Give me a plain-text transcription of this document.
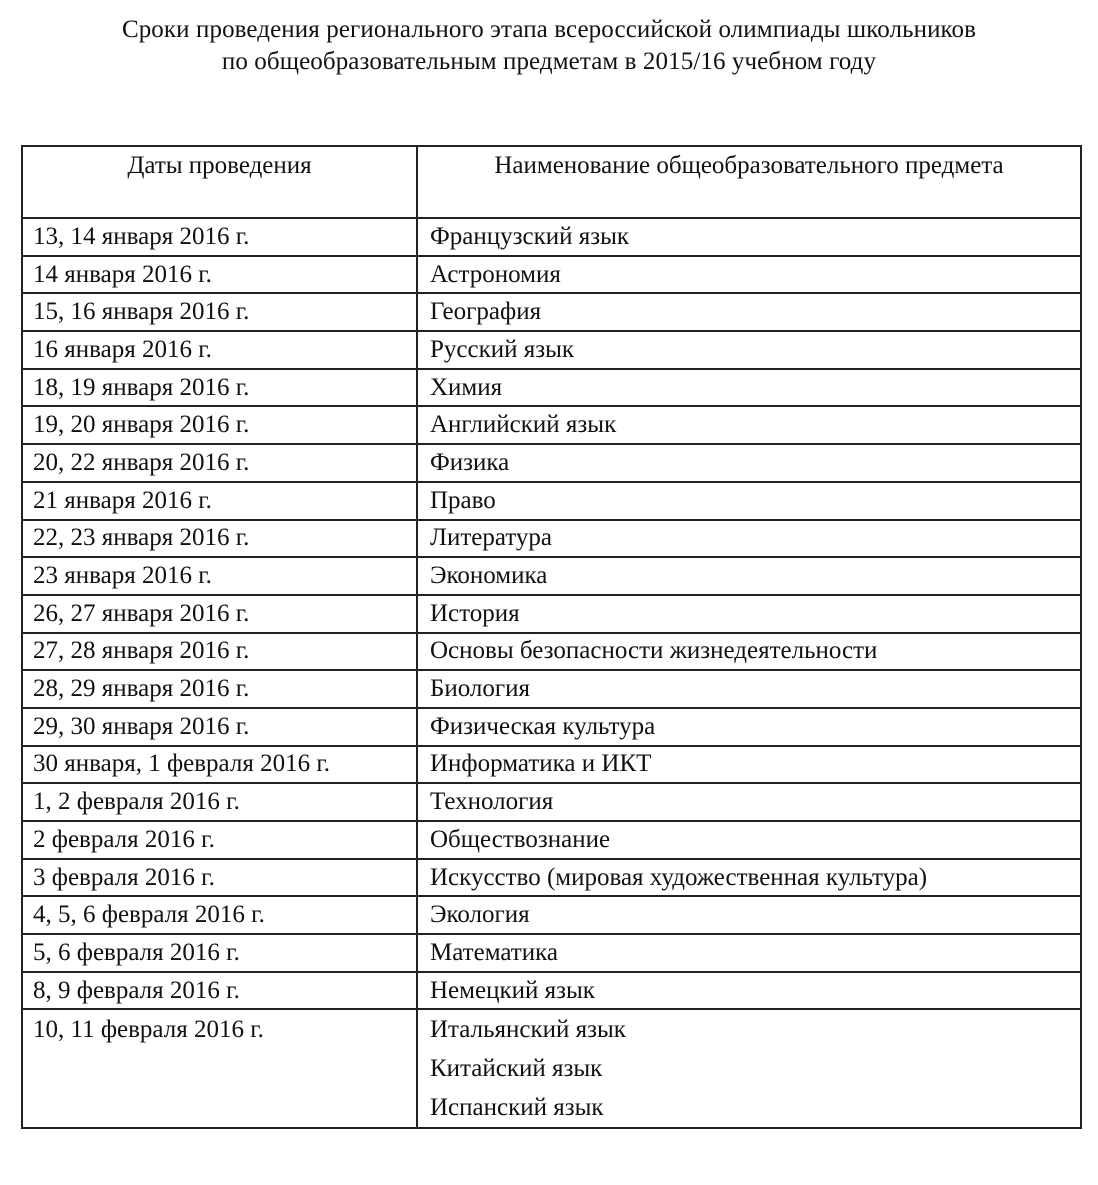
Сроки проведения регионального этапа всероссийской олимпиады школьников
по общеобразовательным предметам в 2015/16 учебном году
Даты проведения	Наименование общеобразовательного предмета
13, 14 января 2016 г.	Французский язык
14 января 2016 г.	Астрономия
15, 16 января 2016 г.	География
16 января 2016 г.	Русский язык
18, 19 января 2016 г.	Химия
19, 20 января 2016 г.	Английский язык
20, 22 января 2016 г.	Физика
21 января 2016 г.	Право
22, 23 января 2016 г.	Литература
23 января 2016 г.	Экономика
26, 27 января 2016 г.	История
27, 28 января 2016 г.	Основы безопасности жизнедеятельности
28, 29 января 2016 г.	Биология
29, 30 января 2016 г.	Физическая культура
30 января, 1 февраля 2016 г.	Информатика и ИКТ
1, 2 февраля 2016 г.	Технология
2 февраля 2016 г.	Обществознание
3 февраля 2016 г.	Искусство (мировая художественная культура)
4, 5, 6 февраля 2016 г.	Экология
5, 6 февраля 2016 г.	Математика
8, 9 февраля 2016 г.	Немецкий язык

10, 11 февраля 2016 г.	Итальянский язык
Китайский язык
Испанский язык
